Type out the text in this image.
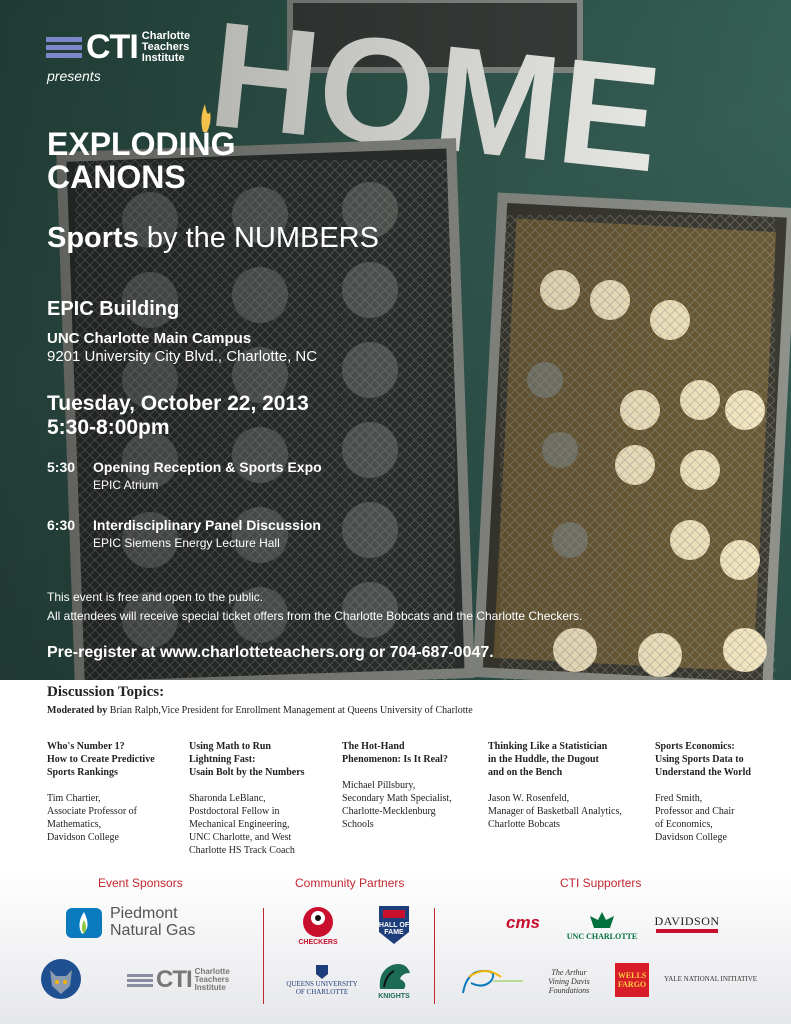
CTI Charlotte
Teachers
Institute
presents
EXPLODING
CANONS
Sports by the NUMBERS
EPIC Building
UNC Charlotte Main Campus
9201 University City Blvd., Charlotte, NC
Tuesday, October 22, 2013
5:30-8:00pm
5:30 Opening Reception & Sports Expo
EPIC Atrium
6:30 Interdisciplinary Panel Discussion
EPIC Siemens Energy Lecture Hall
This event is free and open to the public.
All attendees will receive special ticket offers from the Charlotte Bobcats and the Charlotte Checkers.
Pre-register at www.charlotteteachers.org or 704-687-0047.
Discussion Topics:
Moderated by Brian Ralph,Vice President for Enrollment Management at Queens University of Charlotte
Who's Number 1?
How to Create Predictive
Sports Rankings
Tim Chartier,
Associate Professor of
Mathematics,
Davidson College
Using Math to Run
Lightning Fast:
Usain Bolt by the Numbers
Sharonda LeBlanc,
Postdoctoral Fellow in
Mechanical Engineering,
UNC Charlotte, and West
Charlotte HS Track Coach
The Hot-Hand
Phenomenon: Is It Real?
Michael Pillsbury,
Secondary Math Specialist,
Charlotte-Mecklenburg
Schools
Thinking Like a Statistician
in the Huddle, the Dugout
and on the Bench
Jason W. Rosenfeld,
Manager of Basketball Analytics,
Charlotte Bobcats
Sports Economics:
Using Sports Data to
Understand the World
Fred Smith,
Professor and Chair
of Economics,
Davidson College
Event Sponsors	Community Partners	CTI Supporters
Piedmont
Natural Gas
CTI Charlotte
Teachers
Institute
CHECKERS
HALL OF FAME
QUEENS UNIVERSITY
OF CHARLOTTE	KNIGHTS
cms
UNC CHARLOTTE
DAVIDSON
The Arthur
Vining Davis
Foundations
WELLS
FARGO
YALE NATIONAL INITIATIVE
